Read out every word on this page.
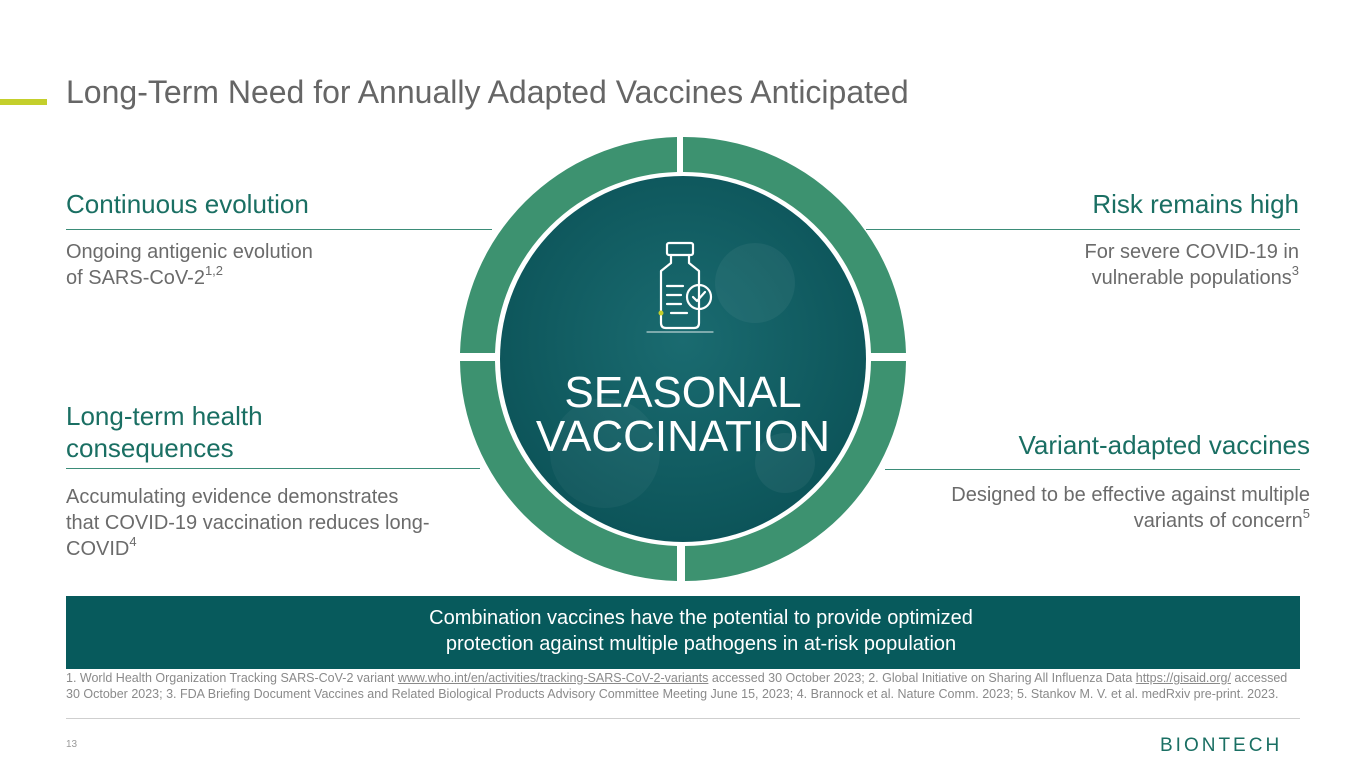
Long-Term Need for Annually Adapted Vaccines Anticipated
SEASONAL
VACCINATION
Continuous evolution
Ongoing antigenic evolution
of SARS-CoV-2$^{1,2}$
Risk remains high
For severe COVID-19 in
vulnerable populations$^3$
Long-term health
consequences
Accumulating evidence demonstrates
that COVID-19 vaccination reduces long-
COVID$^4$
Variant-adapted vaccines
Designed to be effective against multiple
variants of concern$^5$
Combination vaccines have the potential to provide optimized
protection against multiple pathogens in at-risk population
1. World Health Organization Tracking SARS-CoV-2 variant www.who.int/en/activities/tracking-SARS-CoV-2-variants accessed 30 October 2023; 2. Global Initiative on Sharing All Influenza Data https://gisaid.org/ accessed 30 October 2023; 3. FDA Briefing Document Vaccines and Related Biological Products Advisory Committee Meeting June 15, 2023; 4. Brannock et al. Nature Comm. 2023; 5. Stankov M. V. et al. medRxiv pre-print. 2023.
13	BIONTECH
